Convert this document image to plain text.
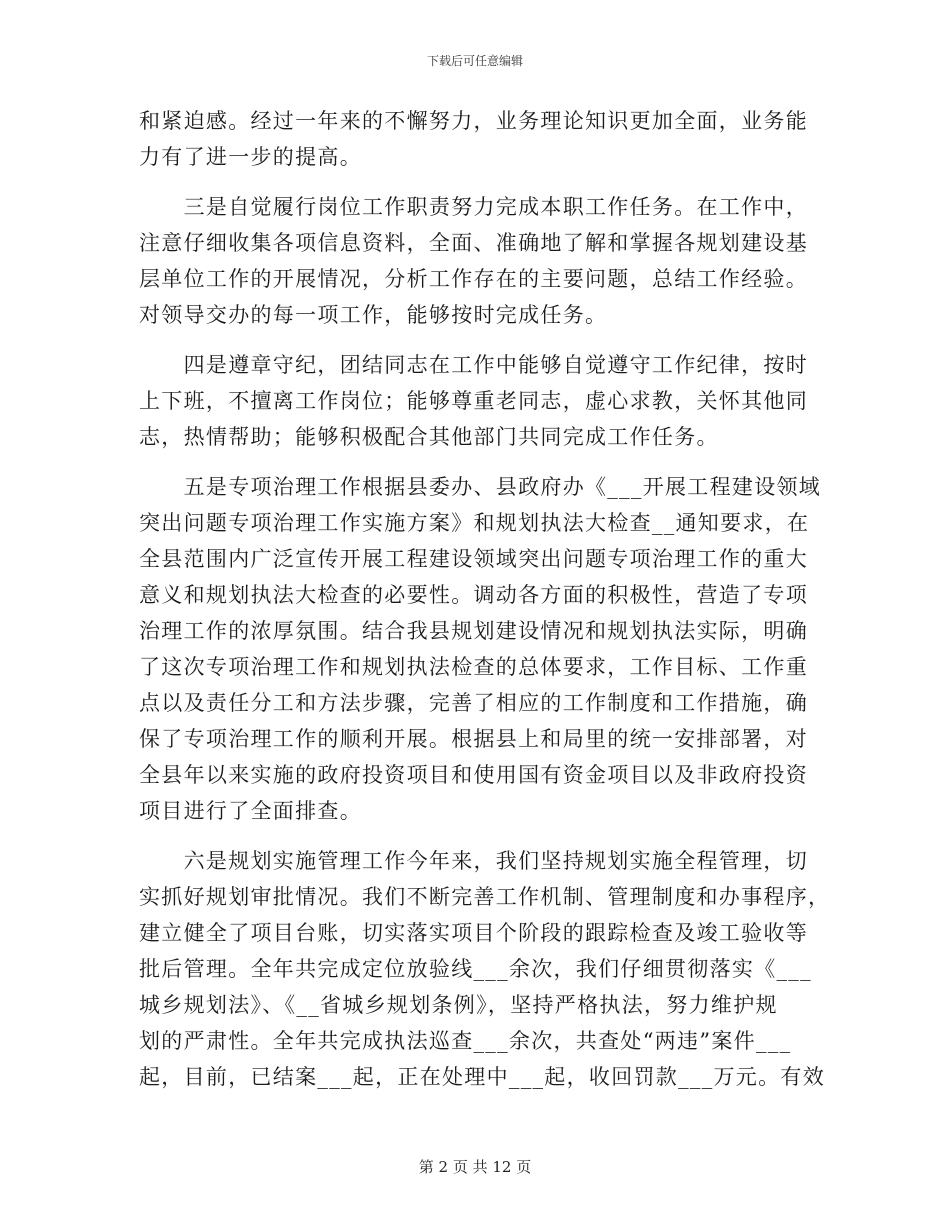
下载后可任意编辑
和紧迫感。经过一年来的不懈努力，业务理论知识更加全面，业务能
力有了进一步的提高。
　　三是自觉履行岗位工作职责努力完成本职工作任务。在工作中，
注意仔细收集各项信息资料，全面、准确地了解和掌握各规划建设基
层单位工作的开展情况，分析工作存在的主要问题，总结工作经验。
对领导交办的每一项工作，能够按时完成任务。
　　四是遵章守纪，团结同志在工作中能够自觉遵守工作纪律，按时
上下班，不擅离工作岗位；能够尊重老同志，虚心求教，关怀其他同
志，热情帮助；能够积极配合其他部门共同完成工作任务。
　　五是专项治理工作根据县委办、县政府办《___开展工程建设领域
突出问题专项治理工作实施方案》和规划执法大检查__通知要求，在
全县范围内广泛宣传开展工程建设领域突出问题专项治理工作的重大
意义和规划执法大检查的必要性。调动各方面的积极性，营造了专项
治理工作的浓厚氛围。结合我县规划建设情况和规划执法实际，明确
了这次专项治理工作和规划执法检查的总体要求，工作目标、工作重
点以及责任分工和方法步骤，完善了相应的工作制度和工作措施，确
保了专项治理工作的顺利开展。根据县上和局里的统一安排部署，对
全县年以来实施的政府投资项目和使用国有资金项目以及非政府投资
项目进行了全面排查。
　　六是规划实施管理工作今年来，我们坚持规划实施全程管理，切
实抓好规划审批情况。我们不断完善工作机制、管理制度和办事程序，
建立健全了项目台账，切实落实项目个阶段的跟踪检查及竣工验收等
批后管理。全年共完成定位放验线___余次，我们仔细贯彻落实《___
城乡规划法》、《__省城乡规划条例》，坚持严格执法，努力维护规
划的严肃性。全年共完成执法巡查___余次，共查处“两违”案件___
起，目前，已结案___起，正在处理中___起，收回罚款___万元。有效
第 2 页 共 12 页
